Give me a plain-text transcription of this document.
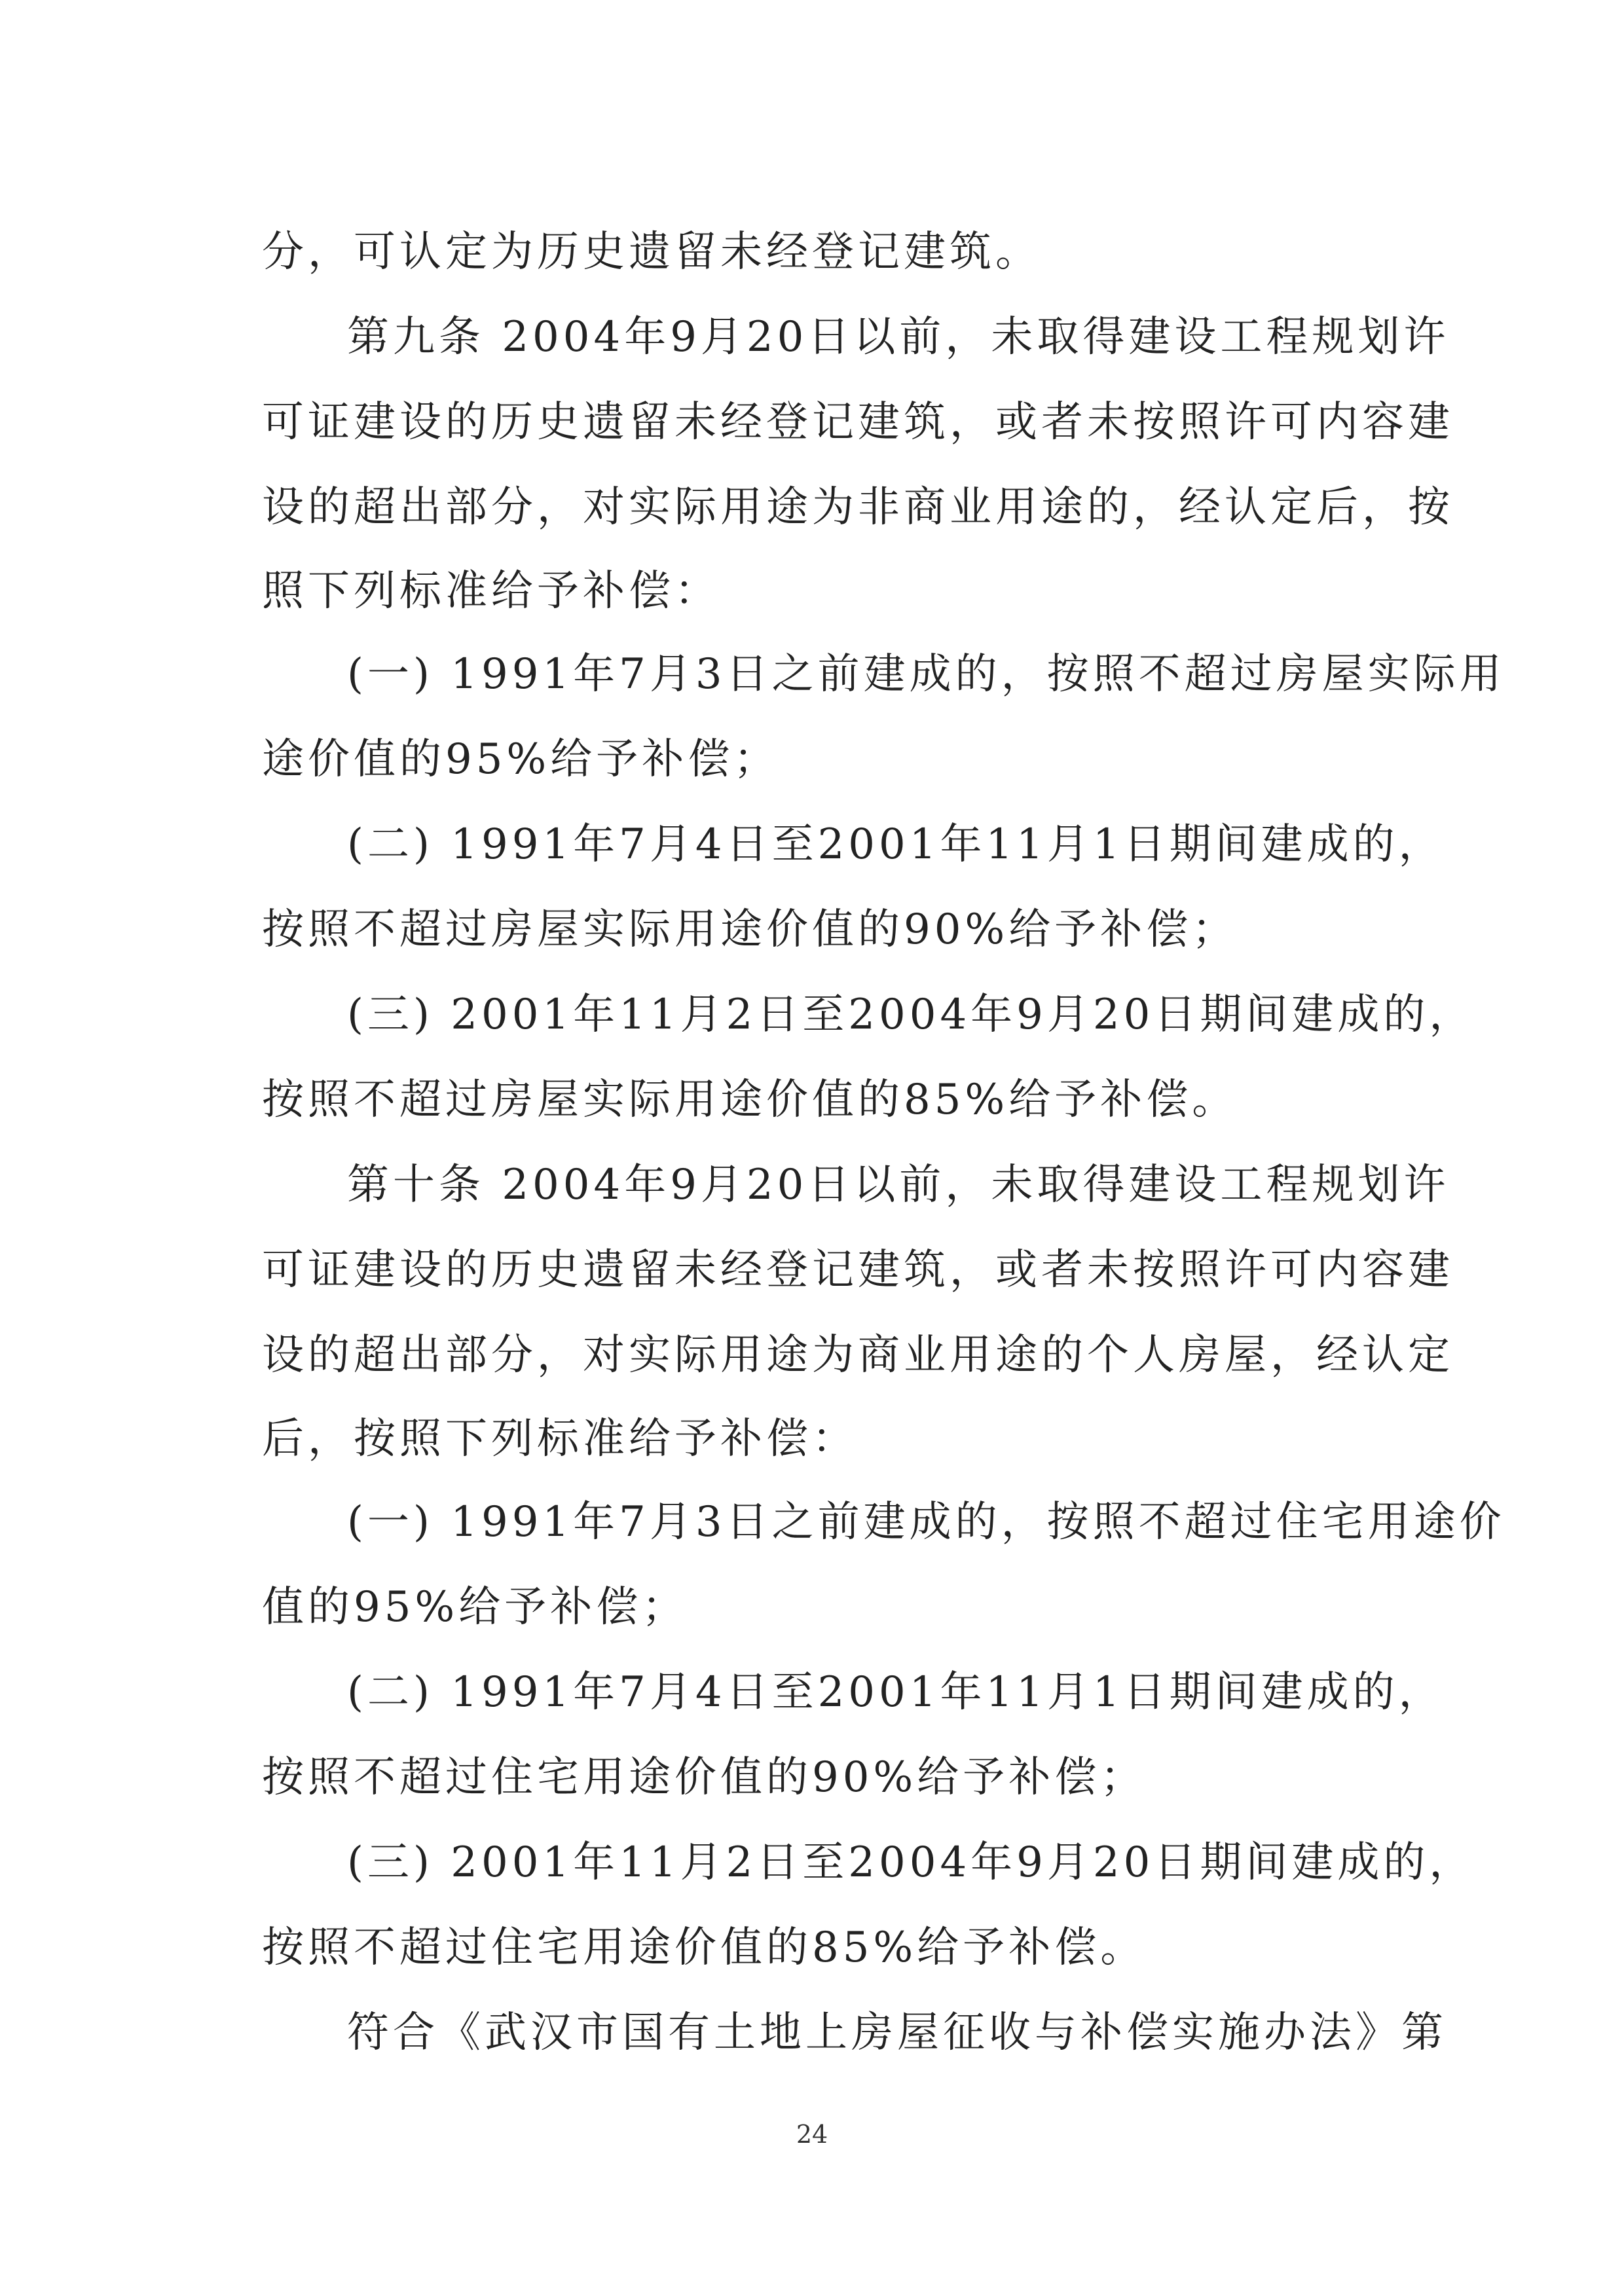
分，可认定为历史遗留未经登记建筑。
第九条 2004年9月20日以前，未取得建设工程规划许
可证建设的历史遗留未经登记建筑，或者未按照许可内容建
设的超出部分，对实际用途为非商业用途的，经认定后，按
照下列标准给予补偿：
(一) 1991年7月3日之前建成的，按照不超过房屋实际用
途价值的95%给予补偿；
(二) 1991年7月4日至2001年11月1日期间建成的，
按照不超过房屋实际用途价值的90%给予补偿；
(三) 2001年11月2日至2004年9月20日期间建成的，
按照不超过房屋实际用途价值的85%给予补偿。
第十条 2004年9月20日以前，未取得建设工程规划许
可证建设的历史遗留未经登记建筑，或者未按照许可内容建
设的超出部分，对实际用途为商业用途的个人房屋，经认定
后，按照下列标准给予补偿：
(一) 1991年7月3日之前建成的，按照不超过住宅用途价
值的95%给予补偿；
(二) 1991年7月4日至2001年11月1日期间建成的，
按照不超过住宅用途价值的90%给予补偿；
(三) 2001年11月2日至2004年9月20日期间建成的，
按照不超过住宅用途价值的85%给予补偿。
符合《武汉市国有土地上房屋征收与补偿实施办法》第
24
